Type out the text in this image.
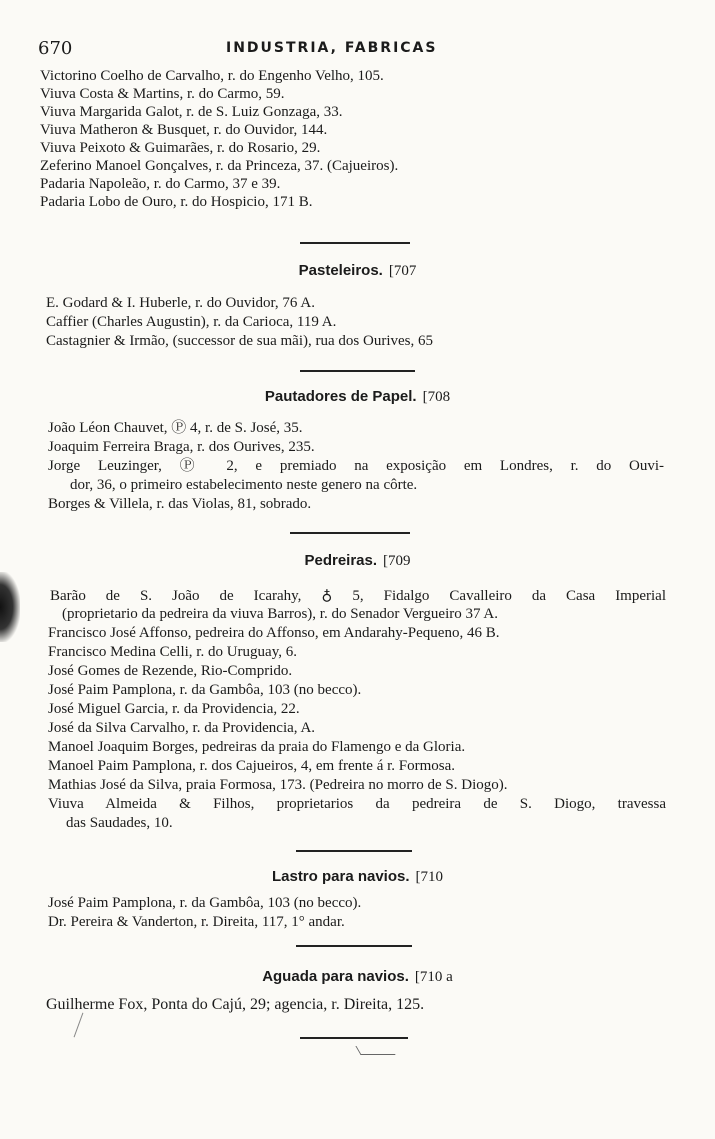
670	INDUSTRIA, FABRICAS
Victorino Coelho de Carvalho, r. do Engenho Velho, 105.
Viuva Costa & Martins, r. do Carmo, 59.
Viuva Margarida Galot, r. de S. Luiz Gonzaga, 33.
Viuva Matheron & Busquet, r. do Ouvidor, 144.
Viuva Peixoto & Guimarães, r. do Rosario, 29.
Zeferino Manoel Gonçalves, r. da Princeza, 37. (Cajueiros).
Padaria Napoleão, r. do Carmo, 37 e 39.
Padaria Lobo de Ouro, r. do Hospicio, 171 B.
Pasteleiros. [707
E. Godard & I. Huberle, r. do Ouvidor, 76 A.
Caffier (Charles Augustin), r. da Carioca, 119 A.
Castagnier & Irmão, (successor de sua mãi), rua dos Ourives, 65
Pautadores de Papel. [708
João Léon Chauvet, Ⓟ 4, r. de S. José, 35.
Joaquim Ferreira Braga, r. dos Ourives, 235.
Jorge Leuzinger, Ⓟ 2, e premiado na exposição em Londres, r. do Ouvi-
dor, 36, o primeiro estabelecimento neste genero na côrte.
Borges & Villela, r. das Violas, 81, sobrado.
Pedreiras. [709
Barão de S. João de Icarahy, ♁ 5, Fidalgo Cavalleiro da Casa Imperial
(proprietario da pedreira da viuva Barros), r. do Senador Vergueiro 37 A.
Francisco José Affonso, pedreira do Affonso, em Andarahy-Pequeno, 46 B.
Francisco Medina Celli, r. do Uruguay, 6.
José Gomes de Rezende, Rio-Comprido.
José Paim Pamplona, r. da Gambôa, 103 (no becco).
José Miguel Garcia, r. da Providencia, 22.
José da Silva Carvalho, r. da Providencia, A.
Manoel Joaquim Borges, pedreiras da praia do Flamengo e da Gloria.
Manoel Paim Pamplona, r. dos Cajueiros, 4, em frente á r. Formosa.
Mathias José da Silva, praia Formosa, 173. (Pedreira no morro de S. Diogo).
Viuva Almeida & Filhos, proprietarios da pedreira de S. Diogo, travessa
das Saudades, 10.
Lastro para navios. [710
José Paim Pamplona, r. da Gambôa, 103 (no becco).
Dr. Pereira & Vanderton, r. Direita, 117, 1° andar.
Aguada para navios. [710 a
Guilherme Fox, Ponta do Cajú, 29; agencia, r. Direita, 125.
